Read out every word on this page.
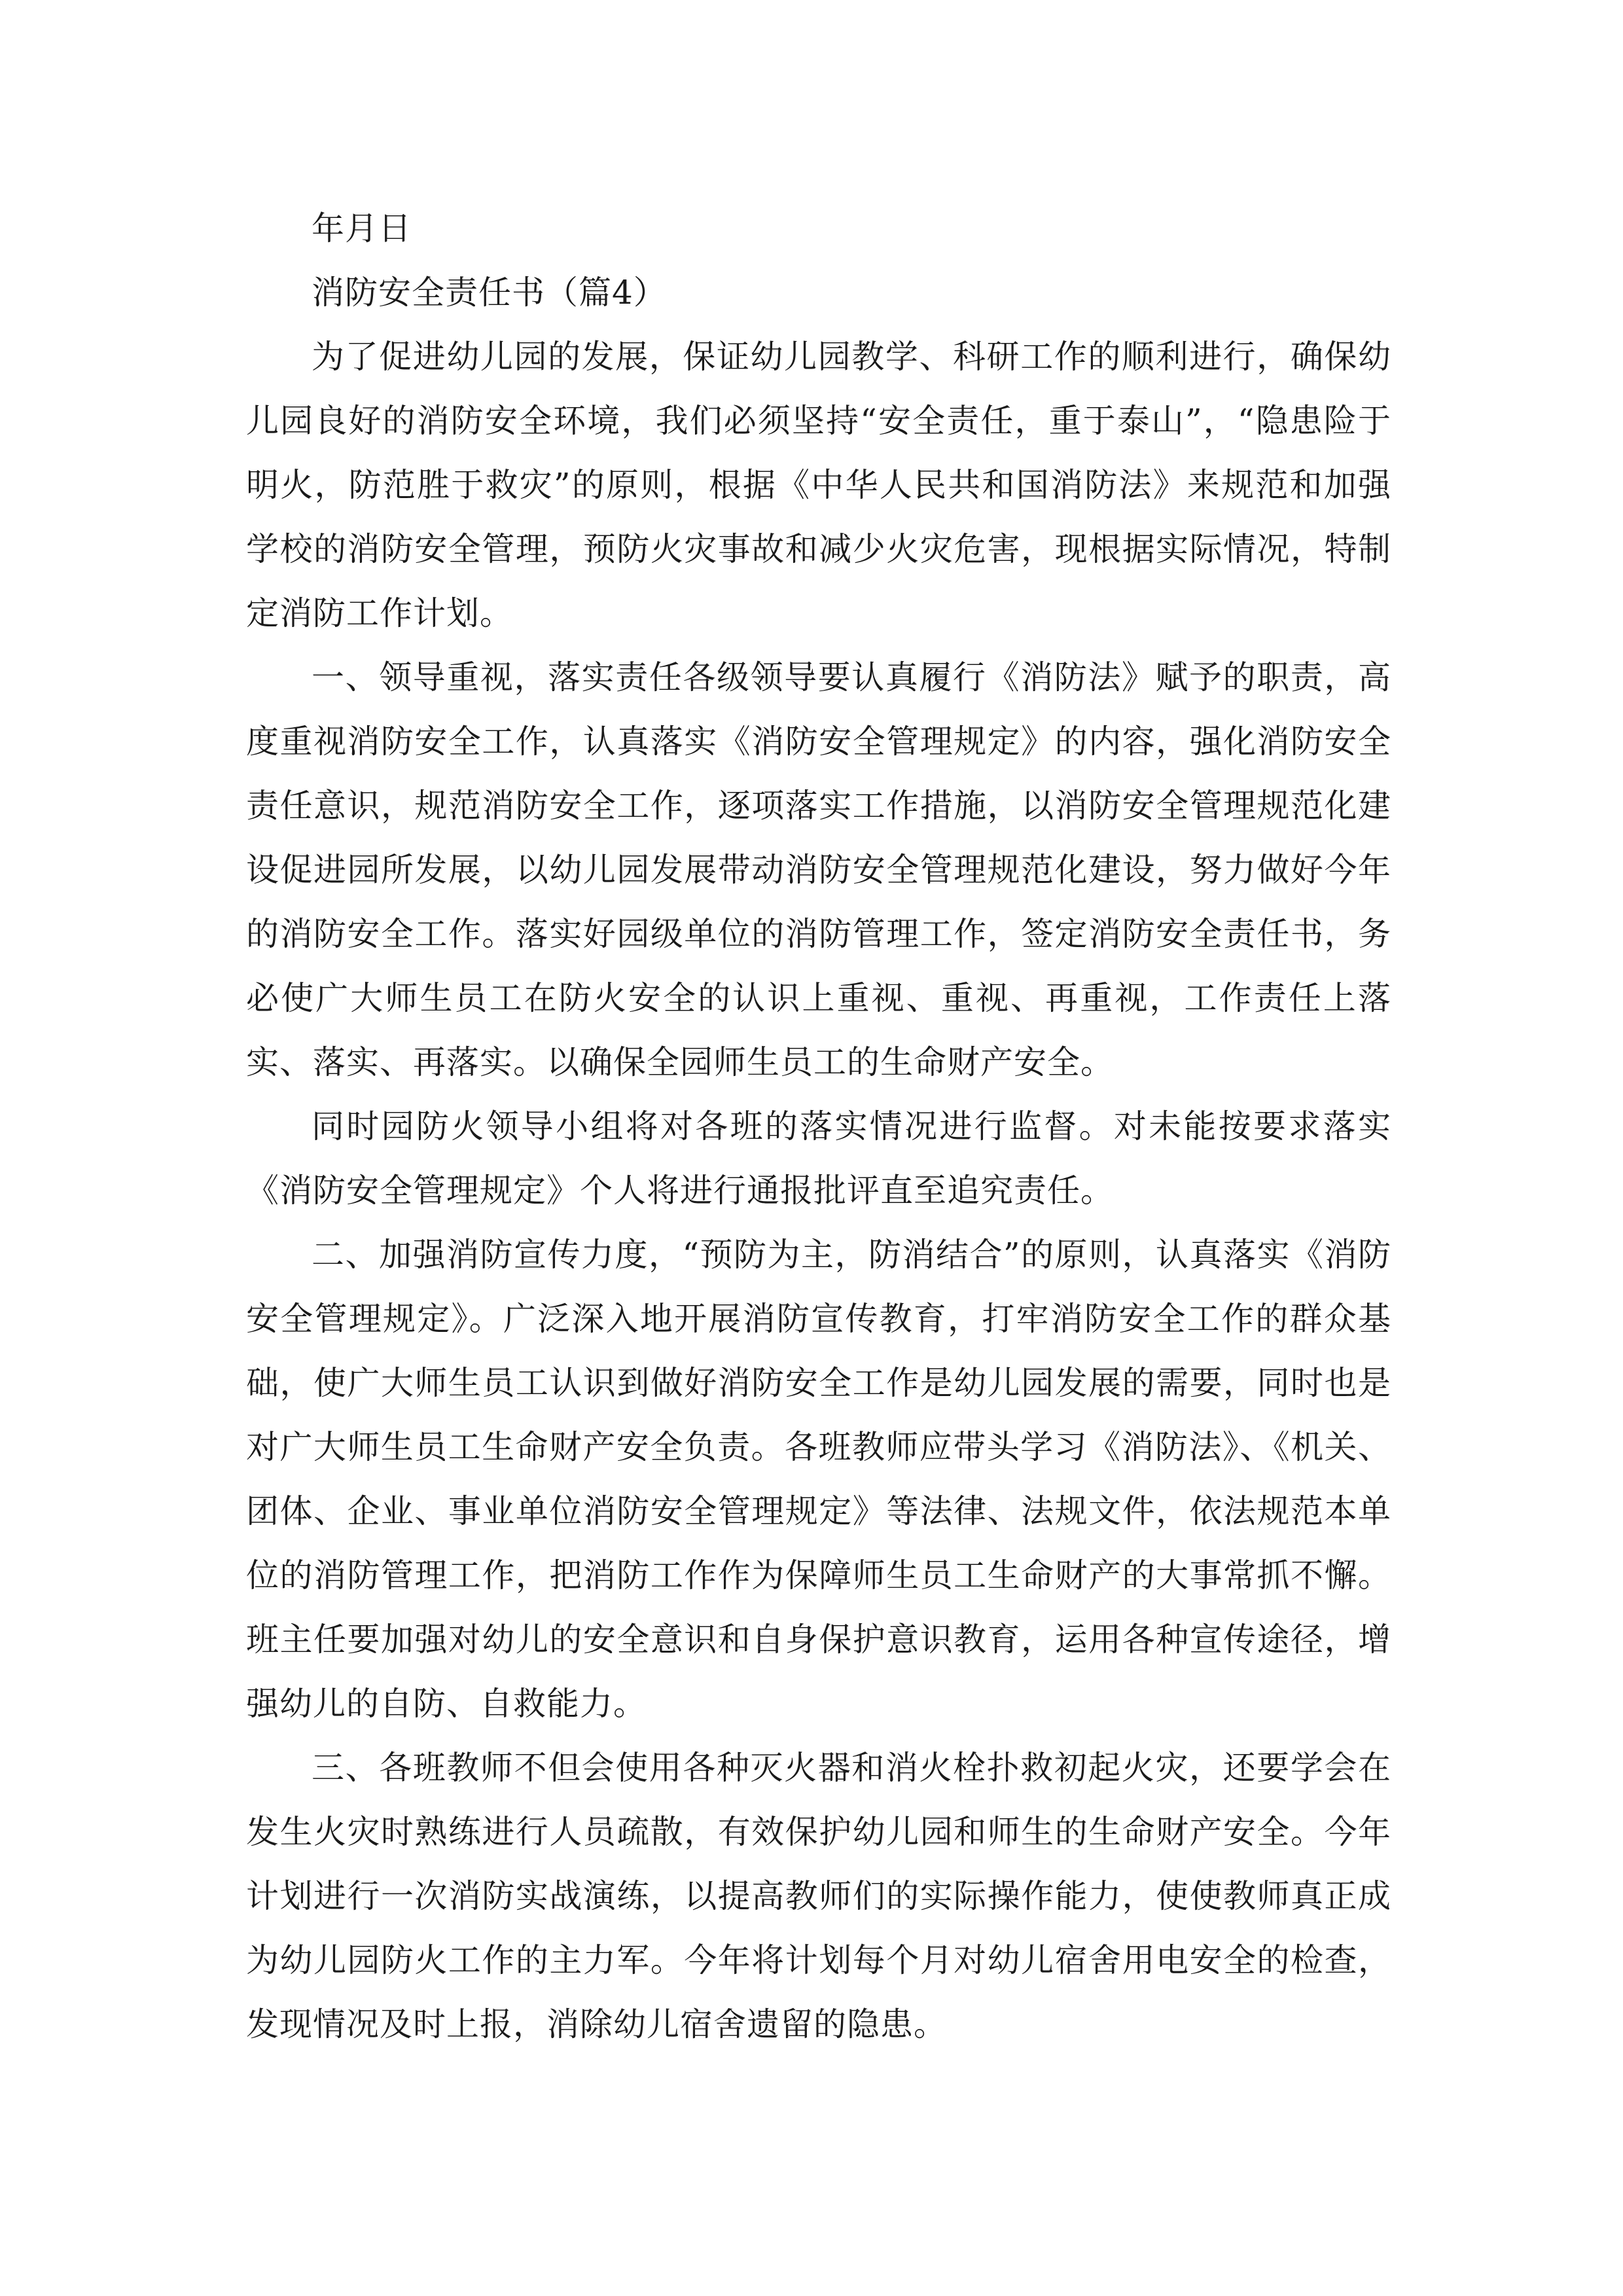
年月日

消防安全责任书（篇4）

为了促进幼儿园的发展，保证幼儿园教学、科研工作的顺利进行，确保幼儿园良好的消防安全环境，我们必须坚持“安全责任，重于泰山”，“隐患险于明火，防范胜于救灾”的原则，根据《中华人民共和国消防法》来规范和加强学校的消防安全管理，预防火灾事故和减少火灾危害，现根据实际情况，特制定消防工作计划。

一、领导重视，落实责任各级领导要认真履行《消防法》赋予的职责，高度重视消防安全工作，认真落实《消防安全管理规定》的内容，强化消防安全责任意识，规范消防安全工作，逐项落实工作措施，以消防安全管理规范化建设促进园所发展，以幼儿园发展带动消防安全管理规范化建设，努力做好今年的消防安全工作。落实好园级单位的消防管理工作，签定消防安全责任书，务必使广大师生员工在防火安全的认识上重视、重视、再重视，工作责任上落实、落实、再落实。以确保全园师生员工的生命财产安全。

同时园防火领导小组将对各班的落实情况进行监督。对未能按要求落实《消防安全管理规定》个人将进行通报批评直至追究责任。

二、加强消防宣传力度，“预防为主，防消结合”的原则，认真落实《消防安全管理规定》。广泛深入地开展消防宣传教育，打牢消防安全工作的群众基础，使广大师生员工认识到做好消防安全工作是幼儿园发展的需要，同时也是对广大师生员工生命财产安全负责。各班教师应带头学习《消防法》、《机关、团体、企业、事业单位消防安全管理规定》等法律、法规文件，依法规范本单位的消防管理工作，把消防工作作为保障师生员工生命财产的大事常抓不懈。班主任要加强对幼儿的安全意识和自身保护意识教育，运用各种宣传途径，增强幼儿的自防、自救能力。

三、各班教师不但会使用各种灭火器和消火栓扑救初起火灾，还要学会在发生火灾时熟练进行人员疏散，有效保护幼儿园和师生的生命财产安全。今年计划进行一次消防实战演练，以提高教师们的实际操作能力，使使教师真正成为幼儿园防火工作的主力军。今年将计划每个月对幼儿宿舍用电安全的检查，发现情况及时上报，消除幼儿宿舍遗留的隐患。
